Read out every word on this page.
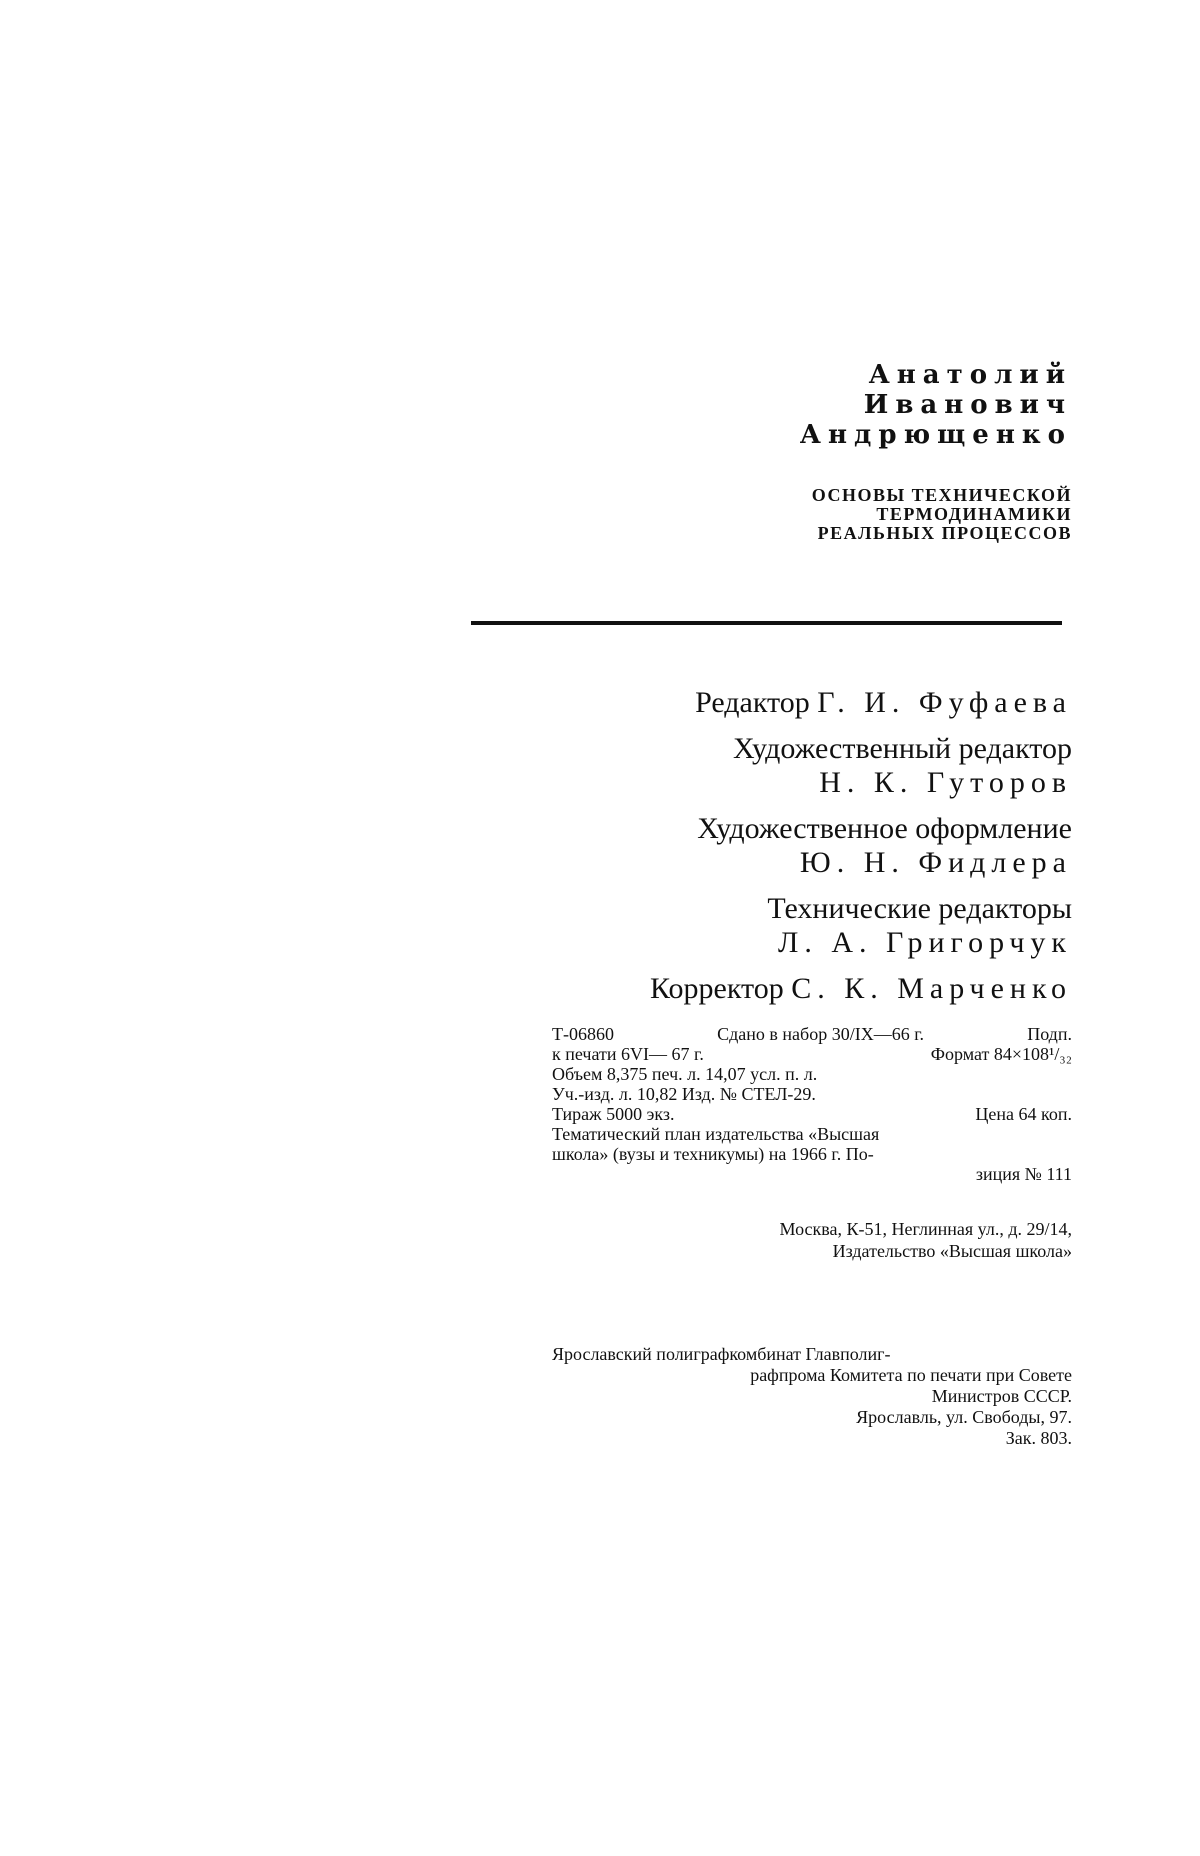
Анатолий
Иванович
Андрющенко
ОСНОВЫ ТЕХНИЧЕСКОЙ
ТЕРМОДИНАМИКИ
РЕАЛЬНЫХ ПРОЦЕССОВ
Редактор Г. И. Фуфаева
Художественный редактор
Н. К. Гуторов
Художественное оформление
Ю. Н. Фидлера
Технические редакторы
Л. А. Григорчук
Корректор С. К. Марченко
Т-06860	Сдано в набор 30/IX—66 г.	Подп.
к печати 6VI— 67 г.	Формат 84×108¹/₃₂
Объем 8,375 печ. л. 14,07 усл. п. л.
Уч.-изд. л. 10,82 Изд. № СТЕЛ-29.
Тираж 5000 экз.	Цена 64 коп.
Тематический план издательства «Высшая
школа» (вузы и техникумы) на 1966 г. По-
зиция № 111
Москва, К-51, Неглинная ул., д. 29/14,
Издательство «Высшая школа»
Ярославский полиграфкомбинат Главполиг-
рафпрома Комитета по печати при Совете
Министров СССР.
Ярославль, ул. Свободы, 97.
Зак. 803.
